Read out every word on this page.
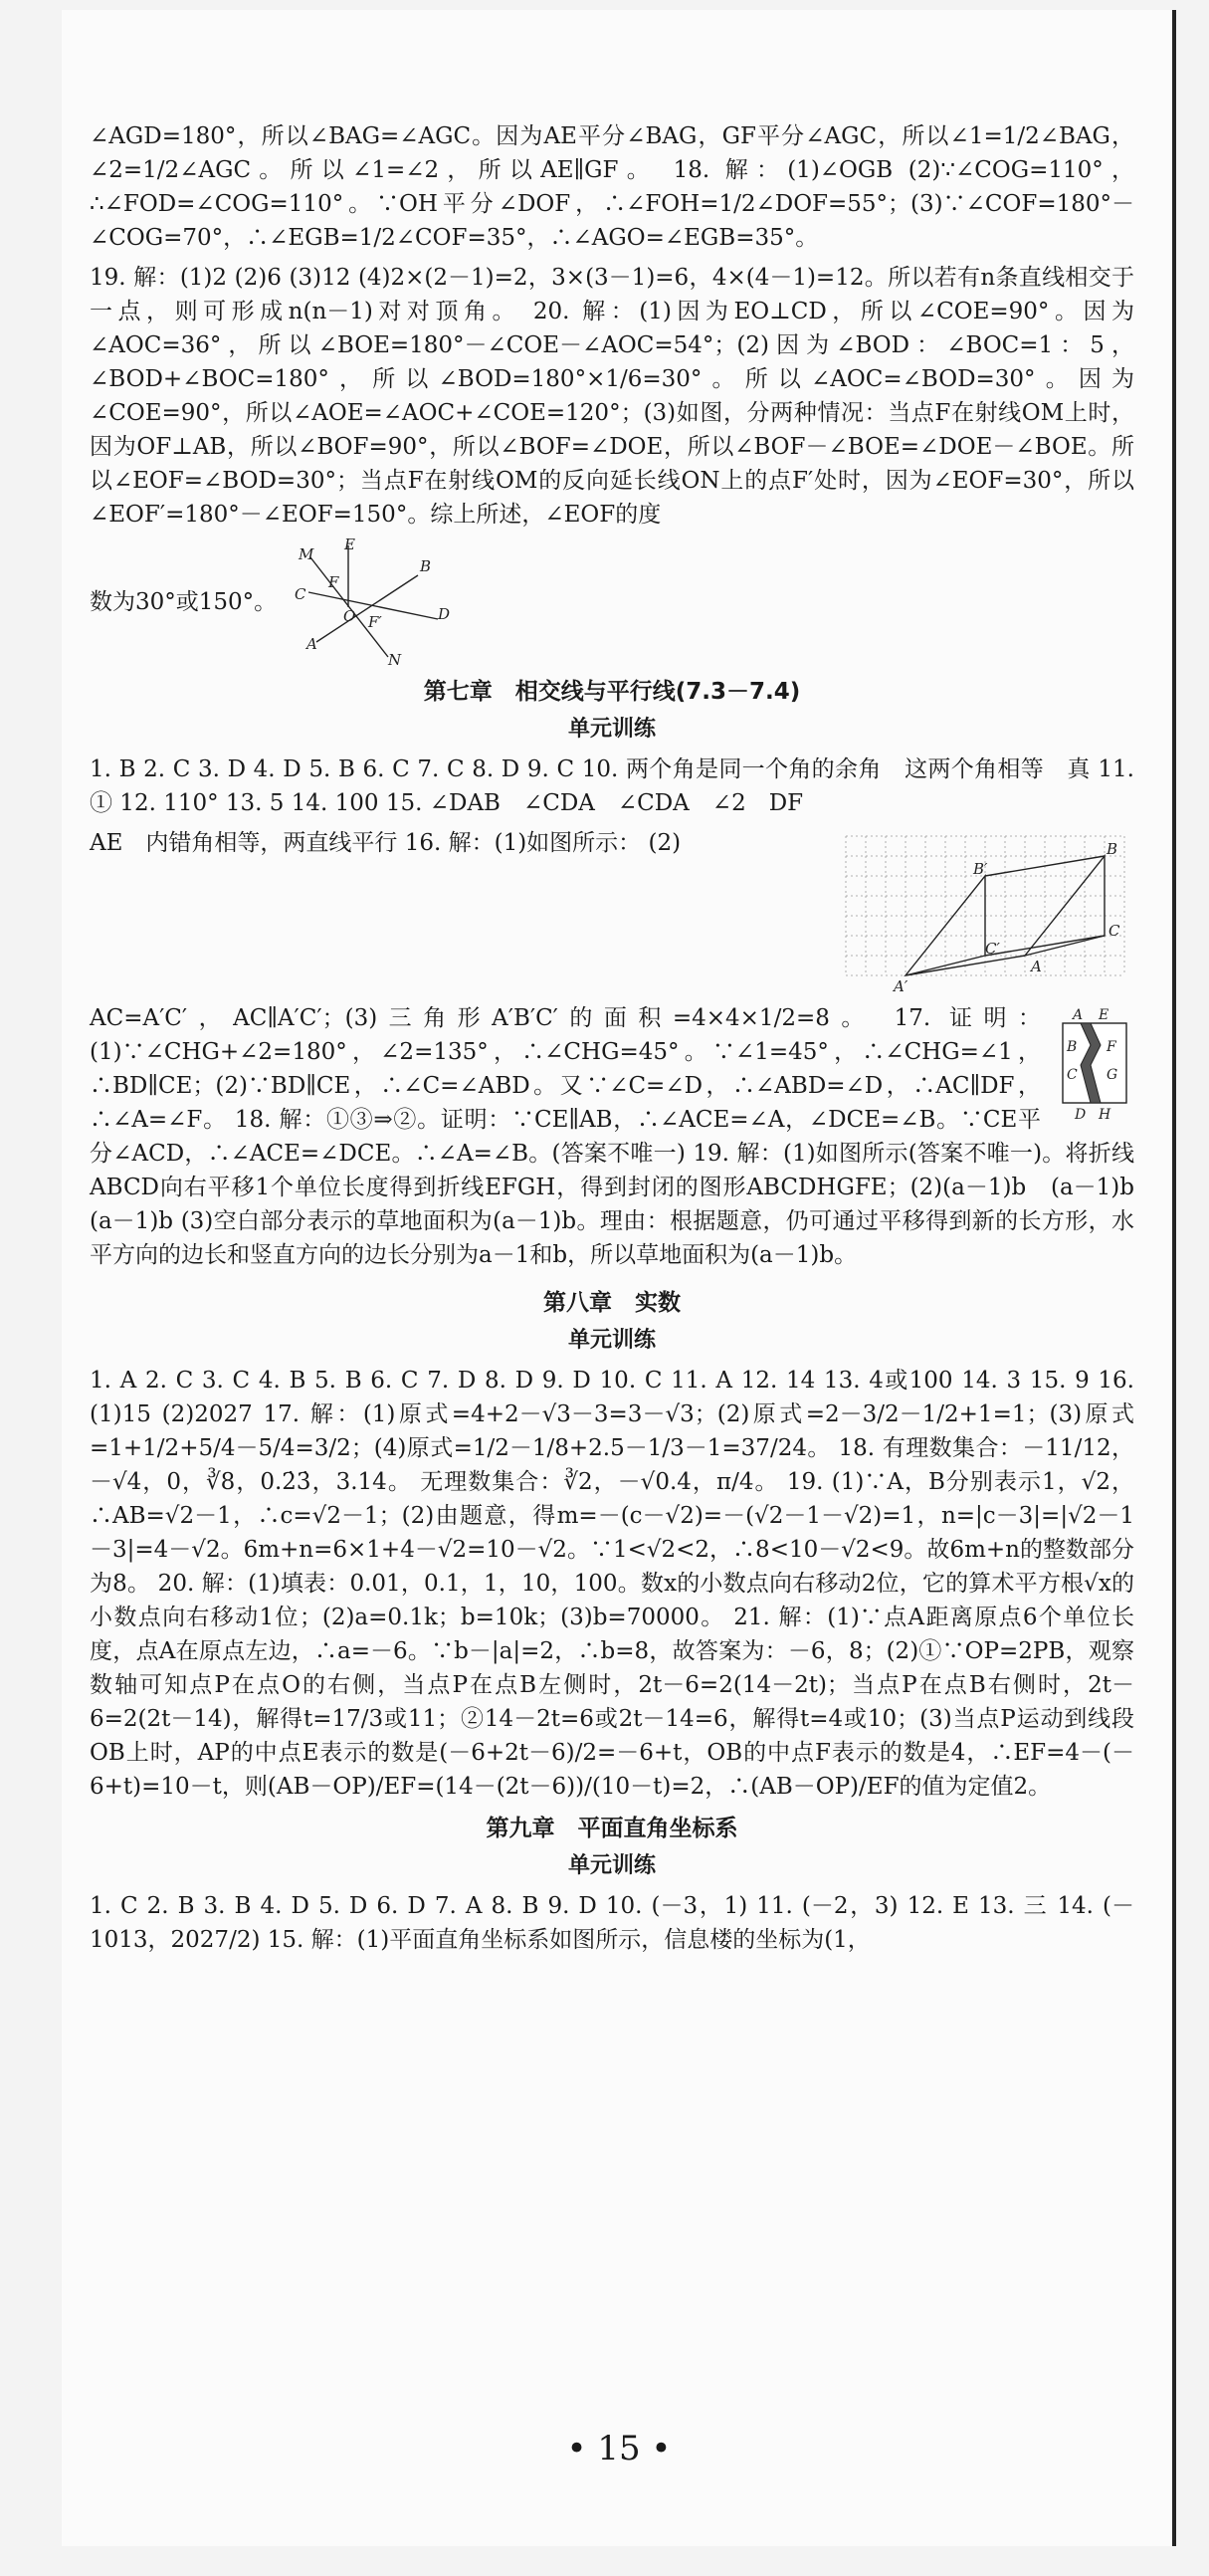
∠AGD=180°，所以∠BAG=∠AGC。因为AE平分∠BAG，GF平分∠AGC，所以∠1=1/2∠BAG，∠2=1/2∠AGC。所以∠1=∠2，所以AE∥GF。 18. 解：(1)∠OGB (2)∵∠COG=110°，∴∠FOD=∠COG=110°。∵OH平分∠DOF，∴∠FOH=1/2∠DOF=55°；(3)∵∠COF=180°－∠COG=70°，∴∠EGB=1/2∠COF=35°，∴∠AGO=∠EGB=35°。

19. 解：(1)2 (2)6 (3)12 (4)2×(2－1)=2，3×(3－1)=6，4×(4－1)=12。所以若有n条直线相交于一点，则可形成n(n－1)对对顶角。 20. 解：(1)因为EO⊥CD，所以∠COE=90°。因为∠AOC=36°，所以∠BOE=180°－∠COE－∠AOC=54°；(2)因为∠BOD：∠BOC=1：5，∠BOD+∠BOC=180°，所以∠BOD=180°×1/6=30°。所以∠AOC=∠BOD=30°。因为∠COE=90°，所以∠AOE=∠AOC+∠COE=120°；(3)如图，分两种情况：当点F在射线OM上时，因为OF⊥AB，所以∠BOF=90°，所以∠BOF=∠DOE，所以∠BOF－∠BOE=∠DOE－∠BOE。所以∠EOF=∠BOD=30°；当点F在射线OM的反向延长线ON上的点F′处时，因为∠EOF=30°，所以∠EOF′=180°－∠EOF=150°。综上所述，∠EOF的度

数为30°或150°。
E
M
B
F
C
D
O
A
F′
N
第七章　相交线与平行线(7.3－7.4)
单元训练

1. B 2. C 3. D 4. D 5. B 6. C 7. C 8. D 9. C 10. 两个角是同一个角的余角　这两个角相等　真 11. ① 12. 110° 13. 5 14. 100 15. ∠DAB　∠CDA　∠CDA　∠2　DF

B
B′
C
C′
A
A′

AE　内错角相等，两直线平行 16. 解：(1)如图所示： (2)

A E
B F
C G
D H

AC=A′C′，AC∥A′C′；(3)三角形A′B′C′的面积=4×4×1/2=8。 17. 证明：(1)∵∠CHG+∠2=180°，∠2=135°，∴∠CHG=45°。∵∠1=45°，∴∠CHG=∠1，∴BD∥CE；(2)∵BD∥CE，∴∠C=∠ABD。又∵∠C=∠D，∴∠ABD=∠D，∴AC∥DF，∴∠A=∠F。 18. 解：①③⇒②。证明：∵CE∥AB，∴∠ACE=∠A，∠DCE=∠B。∵CE平分∠ACD，∴∠ACE=∠DCE。∴∠A=∠B。(答案不唯一) 19. 解：(1)如图所示(答案不唯一)。将折线ABCD向右平移1个单位长度得到折线EFGH，得到封闭的图形ABCDHGFE；(2)(a－1)b　(a－1)b　(a－1)b (3)空白部分表示的草地面积为(a－1)b。理由：根据题意，仍可通过平移得到新的长方形，水平方向的边长和竖直方向的边长分别为a－1和b，所以草地面积为(a－1)b。

第八章　实数
单元训练

1. A 2. C 3. C 4. B 5. B 6. C 7. D 8. D 9. D 10. C 11. A 12. 14 13. 4或100 14. 3 15. 9 16. (1)15 (2)2027 17. 解：(1)原式=4+2－√3－3=3－√3；(2)原式=2－3/2－1/2+1=1；(3)原式=1+1/2+5/4－5/4=3/2；(4)原式=1/2－1/8+2.5－1/3－1=37/24。 18. 有理数集合：－11/12，－√4，0，∛8，0.2̇3̇，3.14。 无理数集合：∛2，－√0.4，π/4。 19. (1)∵A，B分别表示1，√2，∴AB=√2－1，∴c=√2－1；(2)由题意，得m=－(c－√2)=－(√2－1－√2)=1，n=|c－3|=|√2－1－3|=4－√2。6m+n=6×1+4－√2=10－√2。∵1<√2<2，∴8<10－√2<9。故6m+n的整数部分为8。 20. 解：(1)填表：0.01，0.1，1，10，100。数x的小数点向右移动2位，它的算术平方根√x的小数点向右移动1位；(2)a=0.1k；b=10k；(3)b=70000。 21. 解：(1)∵点A距离原点6个单位长度，点A在原点左边，∴a=－6。∵b－|a|=2，∴b=8，故答案为：－6，8；(2)①∵OP=2PB，观察数轴可知点P在点O的右侧，当点P在点B左侧时，2t－6=2(14－2t)；当点P在点B右侧时，2t－6=2(2t－14)，解得t=17/3或11；②14－2t=6或2t－14=6，解得t=4或10；(3)当点P运动到线段OB上时，AP的中点E表示的数是(－6+2t－6)/2=－6+t，OB的中点F表示的数是4，∴EF=4－(－6+t)=10－t，则(AB－OP)/EF=(14－(2t－6))/(10－t)=2，∴(AB－OP)/EF的值为定值2。

第九章　平面直角坐标系
单元训练

1. C 2. B 3. B 4. D 5. D 6. D 7. A 8. B 9. D 10. (－3，1) 11. (－2，3) 12. E 13. 三 14. (－1013，2027/2) 15. 解：(1)平面直角坐标系如图所示，信息楼的坐标为(1，

• 15 •
